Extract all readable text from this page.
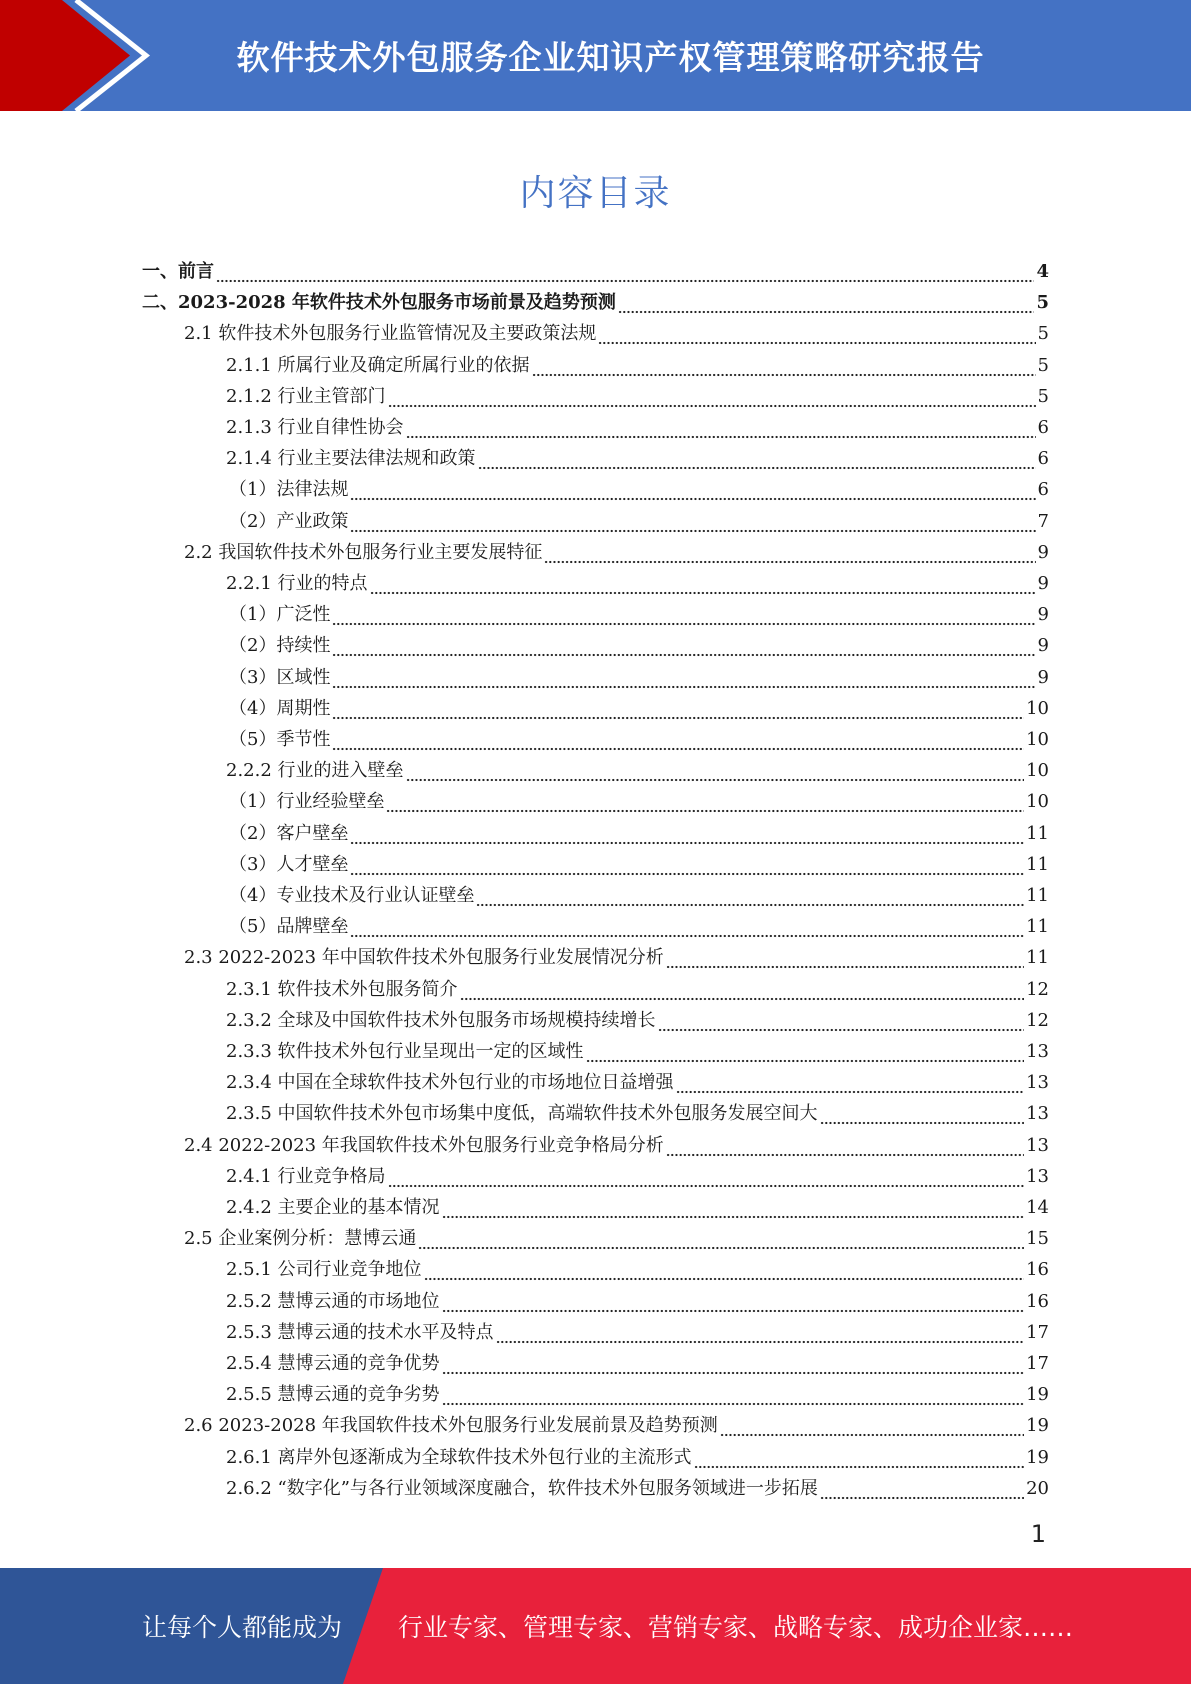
软件技术外包服务企业知识产权管理策略研究报告
内容目录
一、前言	4
二、2023-2028 年软件技术外包服务市场前景及趋势预测	5
2.1 软件技术外包服务行业监管情况及主要政策法规	5
2.1.1 所属行业及确定所属行业的依据	5
2.1.2 行业主管部门	5
2.1.3 行业自律性协会	6
2.1.4 行业主要法律法规和政策	6
（1）法律法规	6
（2）产业政策	7
2.2 我国软件技术外包服务行业主要发展特征	9
2.2.1 行业的特点	9
（1）广泛性	9
（2）持续性	9
（3）区域性	9
（4）周期性	10
（5）季节性	10
2.2.2 行业的进入壁垒	10
（1）行业经验壁垒	10
（2）客户壁垒	11
（3）人才壁垒	11
（4）专业技术及行业认证壁垒	11
（5）品牌壁垒	11
2.3 2022-2023 年中国软件技术外包服务行业发展情况分析	11
2.3.1 软件技术外包服务简介	12
2.3.2 全球及中国软件技术外包服务市场规模持续增长	12
2.3.3 软件技术外包行业呈现出一定的区域性	13
2.3.4 中国在全球软件技术外包行业的市场地位日益增强	13
2.3.5 中国软件技术外包市场集中度低，高端软件技术外包服务发展空间大	13
2.4 2022-2023 年我国软件技术外包服务行业竞争格局分析	13
2.4.1 行业竞争格局	13
2.4.2 主要企业的基本情况	14
2.5 企业案例分析：慧博云通	15
2.5.1 公司行业竞争地位	16
2.5.2 慧博云通的市场地位	16
2.5.3 慧博云通的技术水平及特点	17
2.5.4 慧博云通的竞争优势	17
2.5.5 慧博云通的竞争劣势	19
2.6 2023-2028 年我国软件技术外包服务行业发展前景及趋势预测	19
2.6.1 离岸外包逐渐成为全球软件技术外包行业的主流形式	19
2.6.2 “数字化”与各行业领域深度融合，软件技术外包服务领域进一步拓展	20
1
让每个人都能成为 行业专家、管理专家、营销专家、战略专家、成功企业家……
